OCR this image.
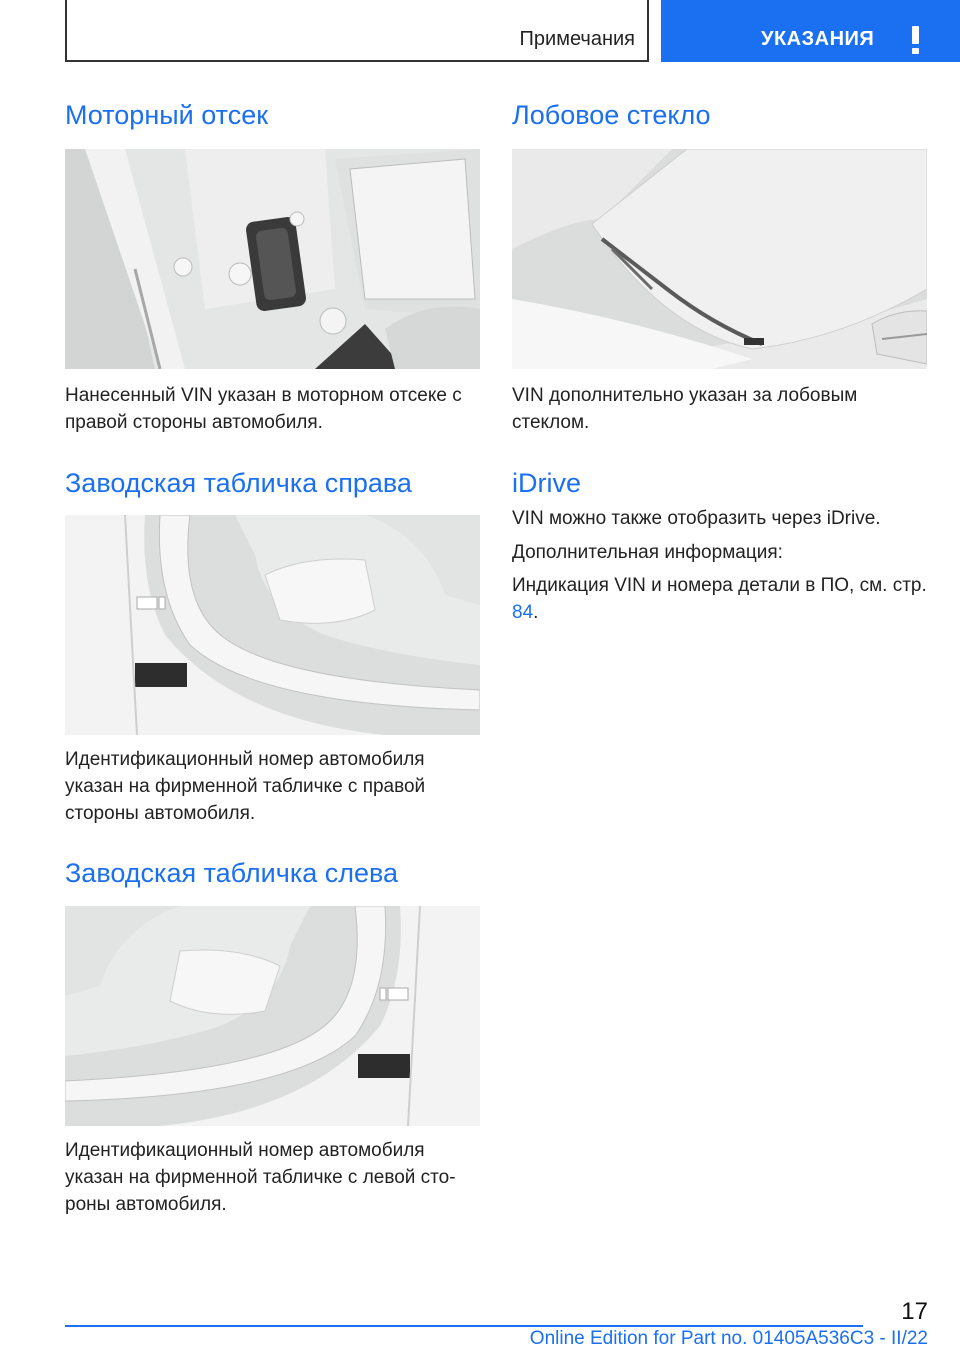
Примечания	УКАЗАНИЯ
Моторный отсек

Нанесенный VIN указан в моторном отсеке с правой стороны автомобиля.

Заводская табличка справа

Идентификационный номер автомобиля указан на фирменной табличке с правой стороны автомобиля.

Заводская табличка слева

Идентификационный номер автомобиля указан на фирменной табличке с левой стороны автомобиля.

Лобовое стекло

VIN дополнительно указан за лобовым стеклом.

iDrive

VIN можно также отобразить через iDrive.

Дополнительная информация:

Индикация VIN и номера детали в ПО, см. стр. 84.

17
Online Edition for Part no. 01405A536C3 - II/22
